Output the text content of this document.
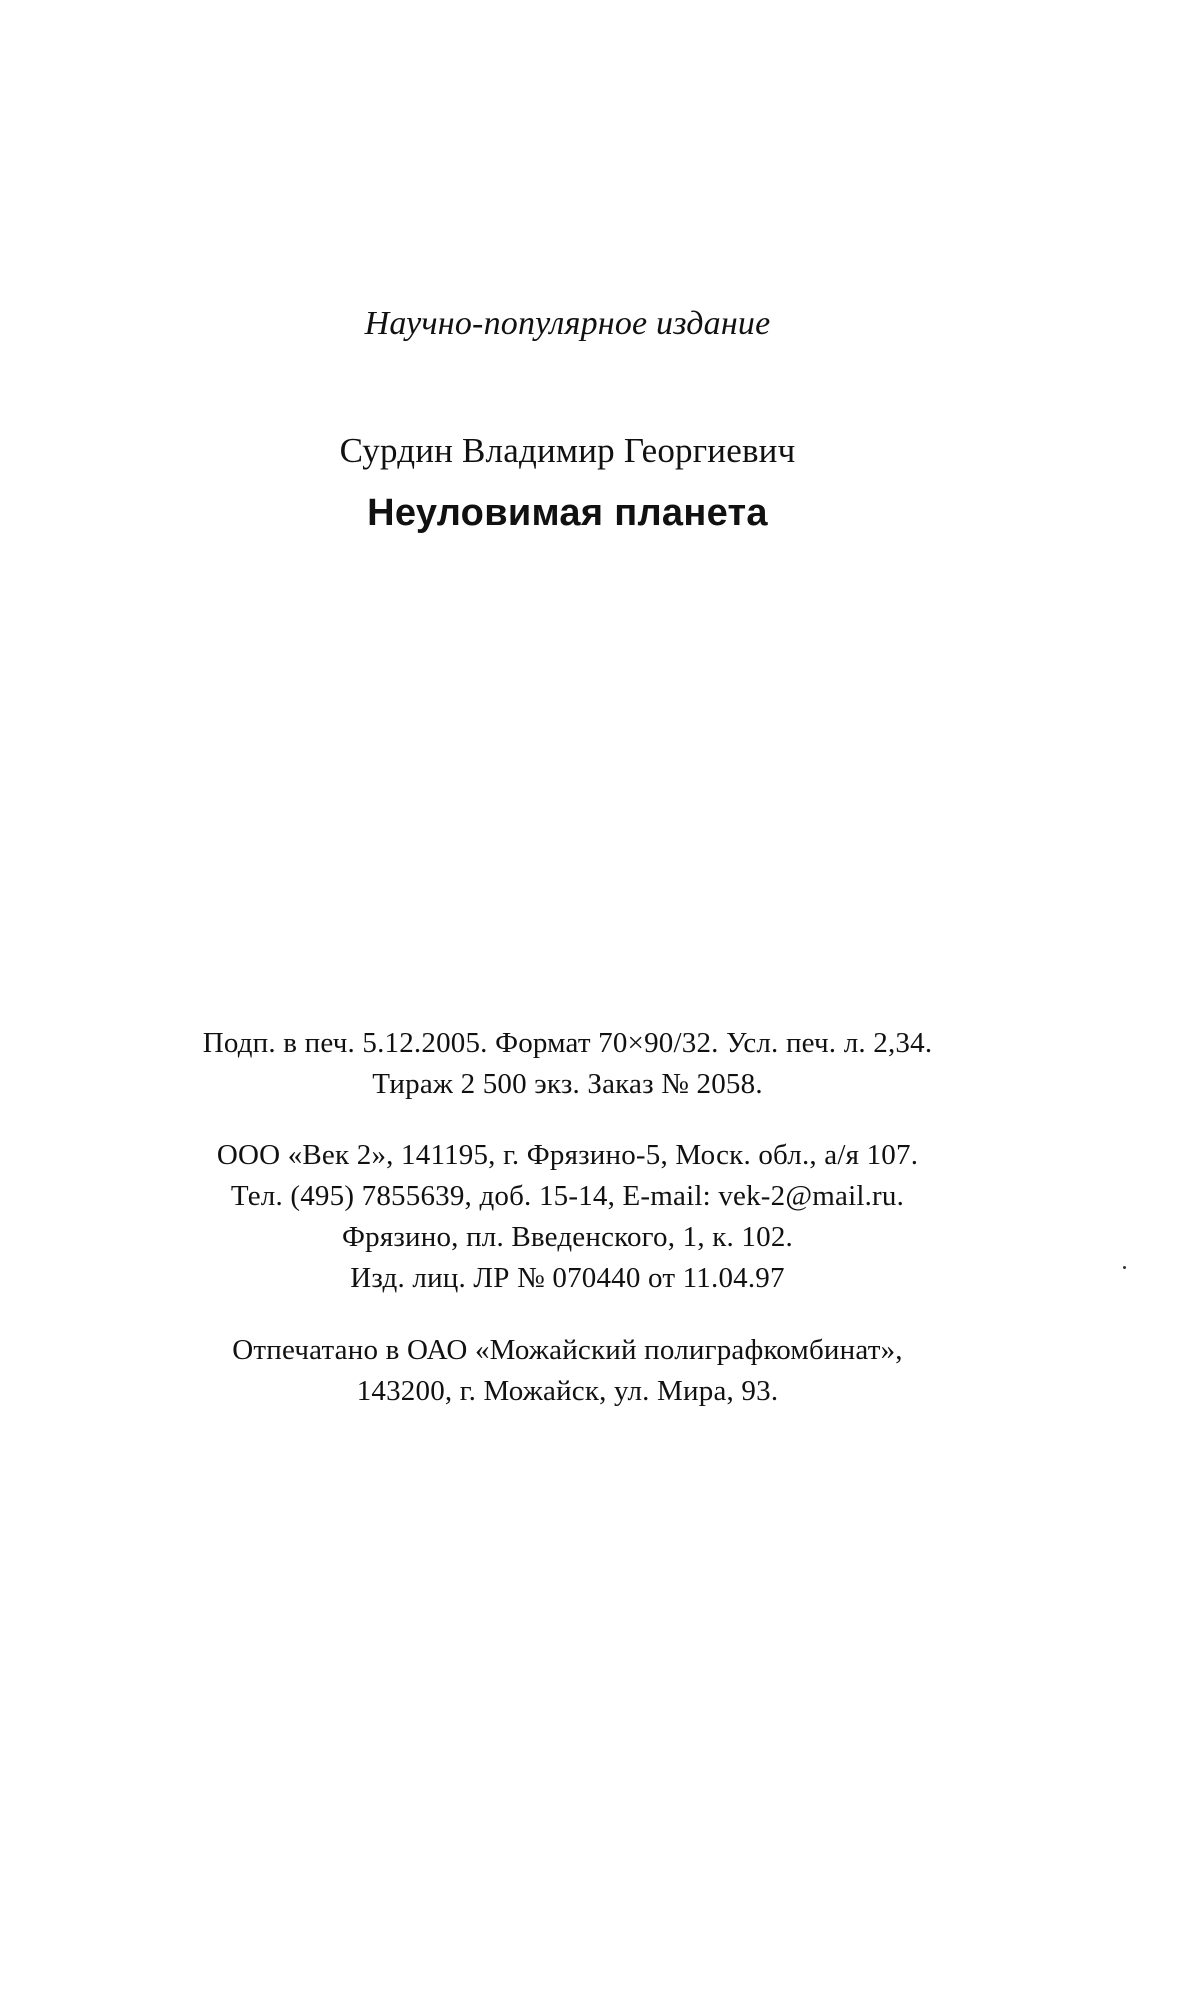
Научно-популярное издание
Сурдин Владимир Георгиевич
Неуловимая планета
Подп. в печ. 5.12.2005. Формат 70×90/32. Усл. печ. л. 2,34.
Тираж 2 500 экз. Заказ № 2058.
ООО «Век 2», 141195, г. Фрязино-5, Моск. обл., а/я 107.
Тел. (495) 7855639, доб. 15-14, E-mail: vek-2@mail.ru.
Фрязино, пл. Введенского, 1, к. 102.
Изд. лиц. ЛР № 070440 от 11.04.97
Отпечатано в ОАО «Можайский полиграфкомбинат»,
143200, г. Можайск, ул. Мира, 93.
